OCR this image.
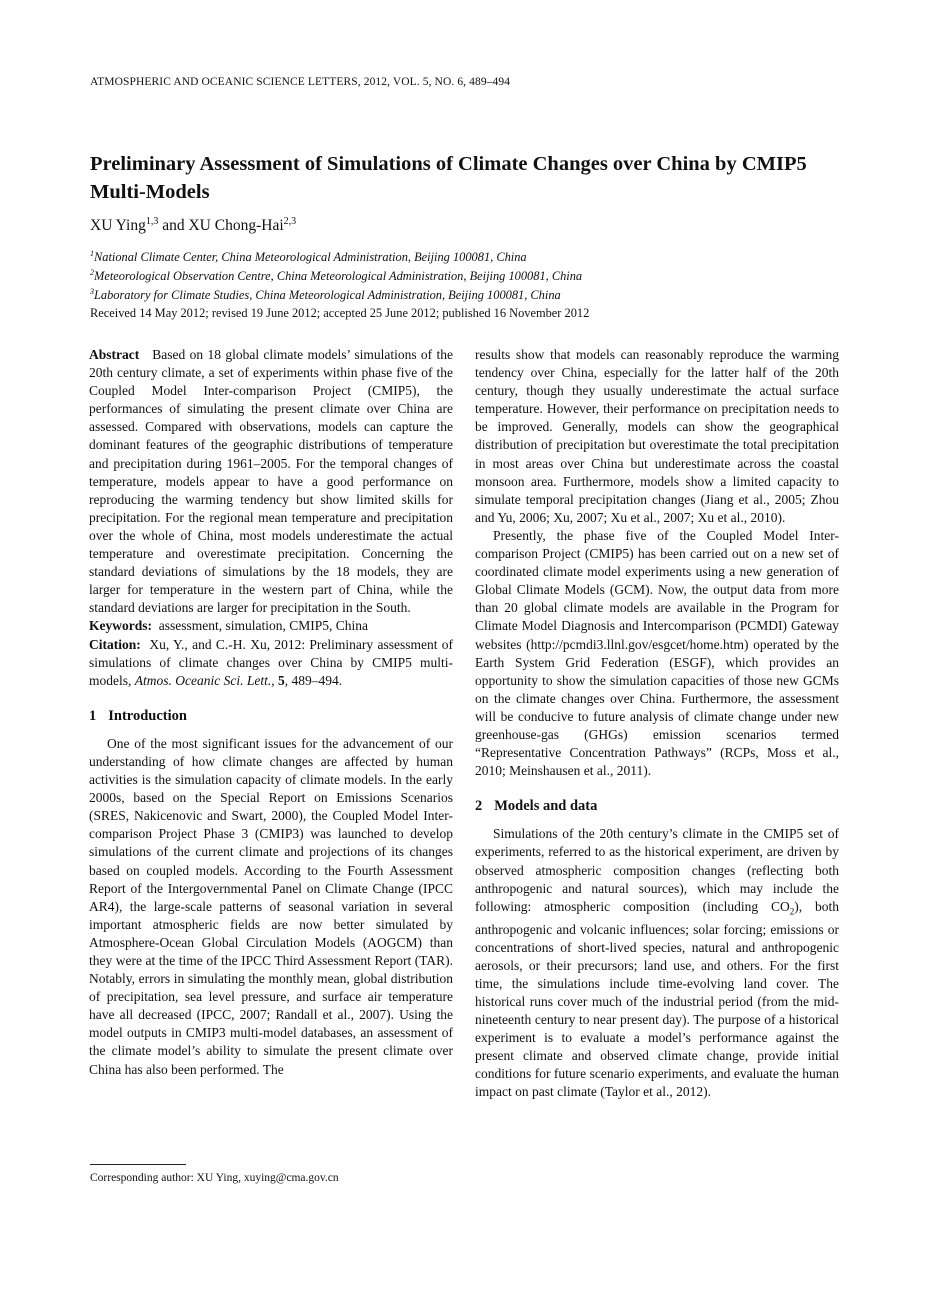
ATMOSPHERIC AND OCEANIC SCIENCE LETTERS, 2012, VOL. 5, NO. 6, 489–494
Preliminary Assessment of Simulations of Climate Changes over China by CMIP5 Multi-Models
XU Ying$^{1,3}$ and XU Chong-Hai$^{2,3}$
$^1$National Climate Center, China Meteorological Administration, Beijing 100081, China
$^2$Meteorological Observation Centre, China Meteorological Administration, Beijing 100081, China
$^3$Laboratory for Climate Studies, China Meteorological Administration, Beijing 100081, China
Received 14 May 2012; revised 19 June 2012; accepted 25 June 2012; published 16 November 2012

Abstract Based on 18 global climate models’ simulations of the 20th century climate, a set of experiments within phase five of the Coupled Model Inter-comparison Project (CMIP5), the performances of simulating the present climate over China are assessed. Compared with observations, models can capture the dominant features of the geographic distributions of temperature and precipitation during 1961–2005. For the temporal changes of temperature, models appear to have a good performance on reproducing the warming tendency but show limited skills for precipitation. For the regional mean temperature and precipitation over the whole of China, most models underestimate the actual temperature and overestimate precipitation. Concerning the standard deviations of simulations by the 18 models, they are larger for temperature in the western part of China, while the standard deviations are larger for precipitation in the South.

Keywords: assessment, simulation, CMIP5, China

Citation: Xu, Y., and C.-H. Xu, 2012: Preliminary assessment of simulations of climate changes over China by CMIP5 multi-models, Atmos. Oceanic Sci. Lett., 5, 489–494.

1 Introduction

One of the most significant issues for the advancement of our understanding of how climate changes are affected by human activities is the simulation capacity of climate models. In the early 2000s, based on the Special Report on Emissions Scenarios (SRES, Nakicenovic and Swart, 2000), the Coupled Model Inter-comparison Project Phase 3 (CMIP3) was launched to develop simulations of the current climate and projections of its changes based on coupled models. According to the Fourth Assessment Report of the Intergovernmental Panel on Climate Change (IPCC AR4), the large-scale patterns of seasonal variation in several important atmospheric fields are now better simulated by Atmosphere-Ocean Global Circulation Models (AOGCM) than they were at the time of the IPCC Third Assessment Report (TAR). Notably, errors in simulating the monthly mean, global distribution of precipitation, sea level pressure, and surface air temperature have all decreased (IPCC, 2007; Randall et al., 2007). Using the model outputs in CMIP3 multi-model databases, an assessment of the climate model’s ability to simulate the present climate over China has also been performed. The

results show that models can reasonably reproduce the warming tendency over China, especially for the latter half of the 20th century, though they usually underestimate the actual surface temperature. However, their performance on precipitation needs to be improved. Generally, models can show the geographical distribution of precipitation but overestimate the total precipitation in most areas over China but underestimate across the coastal monsoon area. Furthermore, models show a limited capacity to simulate temporal precipitation changes (Jiang et al., 2005; Zhou and Yu, 2006; Xu, 2007; Xu et al., 2007; Xu et al., 2010).

Presently, the phase five of the Coupled Model Inter-comparison Project (CMIP5) has been carried out on a new set of coordinated climate model experiments using a new generation of Global Climate Models (GCM). Now, the output data from more than 20 global climate models are available in the Program for Climate Model Diagnosis and Intercomparison (PCMDI) Gateway websites (http://pcmdi3.llnl.gov/esgcet/home.htm) operated by the Earth System Grid Federation (ESGF), which provides an opportunity to show the simulation capacities of those new GCMs on the climate changes over China. Furthermore, the assessment will be conducive to future analysis of climate change under new greenhouse-gas (GHGs) emission scenarios termed “Representative Concentration Pathways” (RCPs, Moss et al., 2010; Meinshausen et al., 2011).

2 Models and data

Simulations of the 20th century’s climate in the CMIP5 set of experiments, referred to as the historical experiment, are driven by observed atmospheric composition changes (reflecting both anthropogenic and natural sources), which may include the following: atmospheric composition (including $CO_2$), both anthropogenic and volcanic influences; solar forcing; emissions or concentrations of short-lived species, natural and anthropogenic aerosols, or their precursors; land use, and others. For the first time, the simulations include time-evolving land cover. The historical runs cover much of the industrial period (from the mid-nineteenth century to near present day). The purpose of a historical experiment is to evaluate a model’s performance against the present climate and observed climate change, provide initial conditions for future scenario experiments, and evaluate the human impact on past climate (Taylor et al., 2012).

Corresponding author: XU Ying, xuying@cma.gov.cn
